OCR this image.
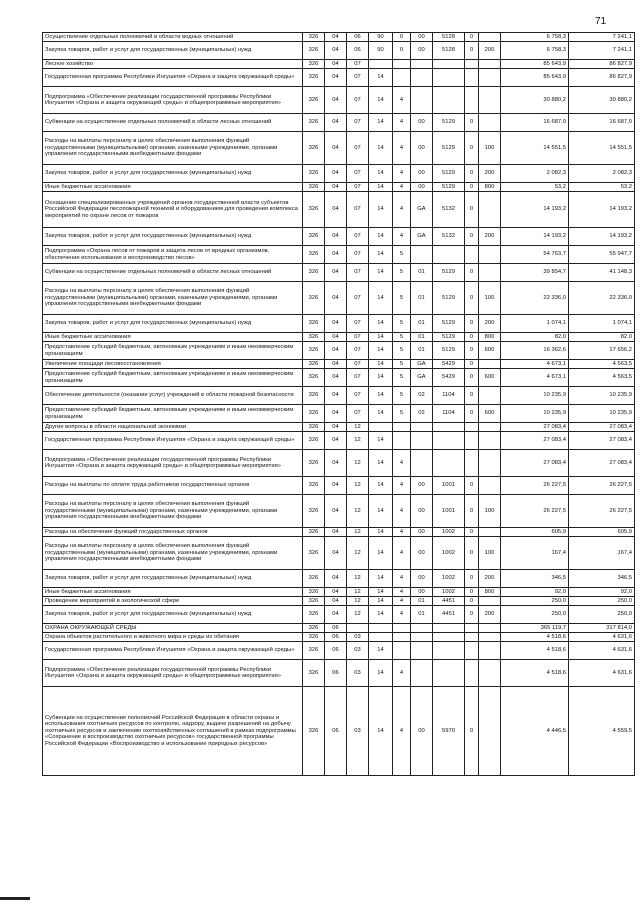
71
Осуществление отдельных полномочий в области водных отношений	326	04	06	90	0	00	5128	0		6 758,3	7 241,1
Закупка товаров, работ и услуг для государственных (муниципальных) нужд	326	04	06	90	0	00	5128	0	200	6 758,3	7 241,1
Лесное хозяйство	326	04	07							85 643,9	86 827,9
Государственная программа Республики Ингушетия «Охрана и защита окружающей среды»	326	04	07	14						85 643,9	86 827,9
Подпрограмма «Обеспечение реализации государственной программы Республики Ингушетия «Охрана и защита окружающей среды» и общепрограммные мероприятия»	326	04	07	14	4					30 880,2	30 880,2
Субвенции на осуществление отдельных полномочий в области лесных отношений	326	04	07	14	4	00	5129	0		16 687,0	16 687,0
Расходы на выплаты персоналу в целях обеспечения выполнения функций государственными (муниципальными) органами, казенными учреждениями, органами управления государственными внебюджетными фондами	326	04	07	14	4	00	5129	0	100	14 551,5	14 551,5
Закупка товаров, работ и услуг для государственных (муниципальных) нужд	326	04	07	14	4	00	5129	0	200	2 082,3	2 082,3
Иные бюджетные ассигнования	326	04	07	14	4	00	5129	0	800	53,2	53,2
Оснащение специализированных учреждений органов государственной власти субъектов Российской Федерации лесопожарной техникой и оборудованием для проведения комплекса мероприятий по охране лесов от пожаров	326	04	07	14	4	GA	5132	0		14 193,2	14 193,2
Закупка товаров, работ и услуг для государственных (муниципальных) нужд	326	04	07	14	4	GA	5132	0	200	14 193,2	14 193,2
Подпрограмма «Охрана лесов от пожаров и защита лесов от вредных организмов, обеспечение использования и воспроизводство лесов»	326	04	07	14	5					54 763,7	55 947,7
Субвенции на осуществление отдельных полномочий в области лесных отношений	326	04	07	14	5	01	5129	0		39 854,7	41 148,3
Расходы на выплаты персоналу в целях обеспечения выполнения функций государственными (муниципальными) органами, казенными учреждениями, органами управления государственными внебюджетными фондами	326	04	07	14	5	01	5129	0	100	22 336,0	22 336,0
Закупка товаров, работ и услуг для государственных (муниципальных) нужд	326	04	07	14	5	01	5129	0	200	1 074,1	1 074,1
Иные бюджетные ассигнования	326	04	07	14	5	01	5129	0	800	82,0	82,0
Предоставление субсидий бюджетным, автономным учреждениям и иным некоммерческим организациям	326	04	07	14	5	01	5129	0	600	16 362,6	17 656,2
Увеличение площади лесовосстановления	326	04	07	14	5	GA	5429	0		4 673,1	4 563,5
Предоставление субсидий бюджетным, автономным учреждениям и иным некоммерческим организациям	326	04	07	14	5	GA	5429	0	600	4 673,1	4 563,5
Обеспечение деятельности (оказание услуг) учреждений в области пожарной безопасности	326	04	07	14	5	02	1104	0		10 235,9	10 235,9
Предоставление субсидий бюджетным, автономным учреждениям и иным некоммерческим организациям	326	04	07	14	5	02	1104	0	600	10 235,9	10 235,9
Другие вопросы в области национальной экономики	326	04	12							27 083,4	27 083,4
Государственная программа Республики Ингушетия «Охрана и защита окружающей среды»	326	04	12	14						27 083,4	27 083,4
Подпрограмма «Обеспечение реализации государственной программы Республики Ингушетия «Охрана и защита окружающей среды» и общепрограммные мероприятия»	326	04	12	14	4					27 083,4	27 083,4
Расходы на выплаты по оплате труда работников государственных органов	326	04	12	14	4	00	1001	0		26 227,5	26 227,5
Расходы на выплаты персоналу в целях обеспечения выполнения функций государственными (муниципальными) органами, казенными учреждениями, органами управления государственными внебюджетными фондами	326	04	12	14	4	00	1001	0	100	26 227,5	26 227,5
Расходы на обеспечение функций государственных органов	326	04	12	14	4	00	1002	0		605,9	605,9
Расходы на выплаты персоналу в целях обеспечения выполнения функций государственными (муниципальными) органами, казенными учреждениями, органами управления государственными внебюджетными фондами	326	04	12	14	4	00	1002	0	100	167,4	167,4
Закупка товаров, работ и услуг для государственных (муниципальных) нужд	326	04	12	14	4	00	1002	0	200	346,5	346,5
Иные бюджетные ассигнования	326	04	12	14	4	00	1002	0	800	92,0	92,0
Проведение мероприятий в экологической сфере	326	04	12	14	4	01	4451	0		250,0	250,0
Закупка товаров, работ и услуг для государственных (муниципальных) нужд	326	04	12	14	4	01	4451	0	200	250,0	250,0
ОХРАНА ОКРУЖАЮЩЕЙ СРЕДЫ	326	06								365 119,7	317 814,0
Охрана объектов растительного и животного мира и среды их обитания	326	06	03							4 518,6	4 631,6
Государственная программа Республики Ингушетия «Охрана и защита окружающей среды»	326	06	03	14						4 518,6	4 631,6
Подпрограмма «Обеспечение реализации государственной программы Республики Ингушетия «Охрана и защита окружающей среды» и общепрограммные мероприятия»	326	06	03	14	4					4 518,6	4 631,6
Субвенции на осуществление полномочий Российской Федерации в области охраны и использования охотничьих ресурсов по контролю, надзору, выдаче разрешений на добычу охотничьих ресурсов и заключению охотхозяйственных соглашений в рамках подпрограммы «Сохранение и воспроизводство охотничьих ресурсов» государственной программы Российской Федерации «Воспроизводство и использование природных ресурсов»	326	06	03	14	4	00	5970	0		4 446,5	4 559,5
